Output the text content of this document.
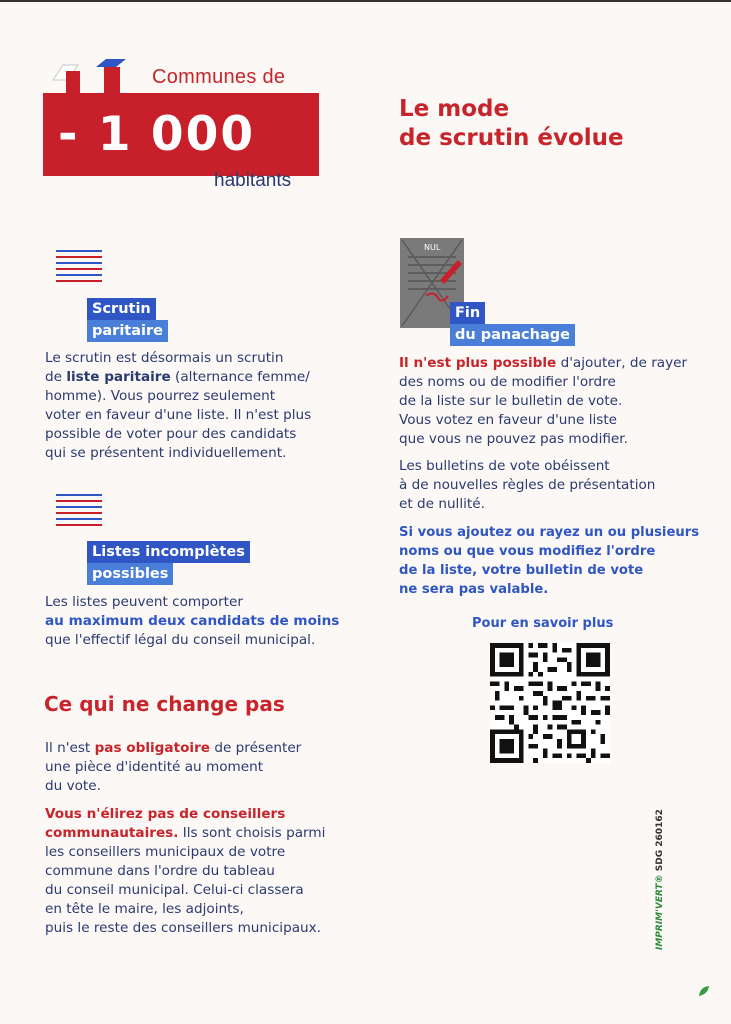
Communes de
- 1 000
habitants
Le mode
de scrutin évolue
Scrutin
paritaire
Le scrutin est désormais un scrutin
de liste paritaire (alternance femme/
homme). Vous pourrez seulement
voter en faveur d'une liste. Il n'est plus
possible de voter pour des candidats
qui se présentent individuellement.
Listes incomplètes
possibles
Les listes peuvent comporter
au maximum deux candidats de moins
que l'effectif légal du conseil municipal.
Ce qui ne change pas
Il n'est pas obligatoire de présenter
une pièce d'identité au moment
du vote.
Vous n'élirez pas de conseillers
communautaires. Ils sont choisis parmi
les conseillers municipaux de votre
commune dans l'ordre du tableau
du conseil municipal. Celui-ci classera
en tête le maire, les adjoints,
puis le reste des conseillers municipaux.
NUL
Fin
du panachage
Il n'est plus possible d'ajouter, de rayer
des noms ou de modifier l'ordre
de la liste sur le bulletin de vote.
Vous votez en faveur d'une liste
que vous ne pouvez pas modifier.
Les bulletins de vote obéissent
à de nouvelles règles de présentation
et de nullité.
Si vous ajoutez ou rayez un ou plusieurs
noms ou que vous modifiez l'ordre
de la liste, votre bulletin de vote
ne sera pas valable.
Pour en savoir plus
IMPRIM'VERT® SDG 260162
